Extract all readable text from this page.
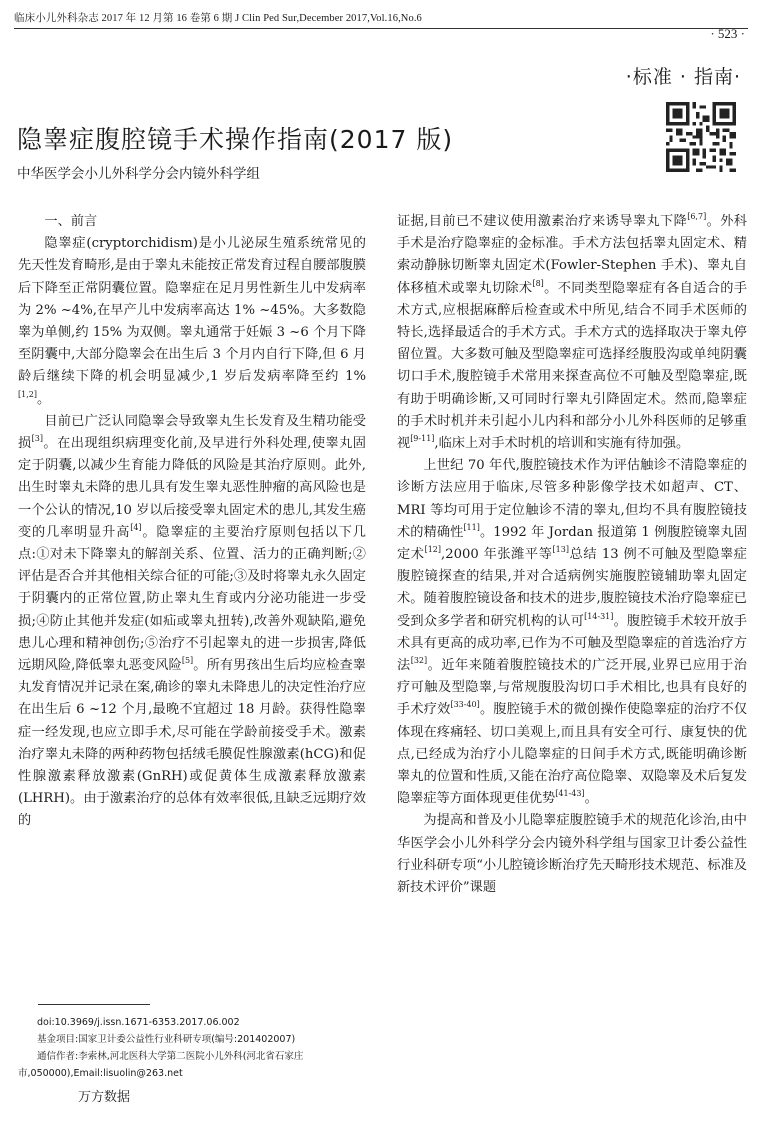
临床小儿外科杂志 2017 年 12 月第 16 卷第 6 期 J Clin Ped Sur,December 2017,Vol.16,No.6
· 523 ·
·标准 · 指南·
隐睾症腹腔镜手术操作指南(2017 版)
中华医学会小儿外科学分会内镜外科学组

一、前言

隐睾症(cryptorchidism)是小儿泌尿生殖系统常见的先天性发育畸形,是由于睾丸未能按正常发育过程自腰部腹膜后下降至正常阴囊位置。隐睾症在足月男性新生儿中发病率为 2% ~4%,在早产儿中发病率高达 1% ~45%。大多数隐睾为单侧,约 15% 为双侧。睾丸通常于妊娠 3 ~6 个月下降至阴囊中,大部分隐睾会在出生后 3 个月内自行下降,但 6 月龄后继续下降的机会明显减少,1 岁后发病率降至约 1%[1,2]。

目前已广泛认同隐睾会导致睾丸生长发育及生精功能受损[3]。在出现组织病理变化前,及早进行外科处理,使睾丸固定于阴囊,以减少生育能力降低的风险是其治疗原则。此外,出生时睾丸未降的患儿具有发生睾丸恶性肿瘤的高风险也是一个公认的情况,10 岁以后接受睾丸固定术的患儿,其发生癌变的几率明显升高[4]。隐睾症的主要治疗原则包括以下几点:①对未下降睾丸的解剖关系、位置、活力的正确判断;②评估是否合并其他相关综合征的可能;③及时将睾丸永久固定于阴囊内的正常位置,防止睾丸生育或内分泌功能进一步受损;④防止其他并发症(如疝或睾丸扭转),改善外观缺陷,避免患儿心理和精神创伤;⑤治疗不引起睾丸的进一步损害,降低远期风险,降低睾丸恶变风险[5]。所有男孩出生后均应检查睾丸发育情况并记录在案,确诊的睾丸未降患儿的决定性治疗应在出生后 6 ~12 个月,最晚不宜超过 18 月龄。获得性隐睾症一经发现,也应立即手术,尽可能在学龄前接受手术。激素治疗睾丸未降的两种药物包括绒毛膜促性腺激素(hCG)和促性腺激素释放激素(GnRH)或促黄体生成激素释放激素(LHRH)。由于激素治疗的总体有效率很低,且缺乏远期疗效的

证据,目前已不建议使用激素治疗来诱导睾丸下降[6,7]。外科手术是治疗隐睾症的金标准。手术方法包括睾丸固定术、精索动静脉切断睾丸固定术(Fowler-Stephen 手术)、睾丸自体移植术或睾丸切除术[8]。不同类型隐睾症有各自适合的手术方式,应根据麻醉后检查或术中所见,结合不同手术医师的特长,选择最适合的手术方式。手术方式的选择取决于睾丸停留位置。大多数可触及型隐睾症可选择经腹股沟或单纯阴囊切口手术,腹腔镜手术常用来探查高位不可触及型隐睾症,既有助于明确诊断,又可同时行睾丸引降固定术。然而,隐睾症的手术时机并未引起小儿内科和部分小儿外科医师的足够重视[9-11],临床上对手术时机的培训和实施有待加强。

上世纪 70 年代,腹腔镜技术作为评估触诊不清隐睾症的诊断方法应用于临床,尽管多种影像学技术如超声、CT、MRI 等均可用于定位触诊不清的睾丸,但均不具有腹腔镜技术的精确性[11]。1992 年 Jordan 报道第 1 例腹腔镜睾丸固定术[12],2000 年张潍平等[13]总结 13 例不可触及型隐睾症腹腔镜探查的结果,并对合适病例实施腹腔镜辅助睾丸固定术。随着腹腔镜设备和技术的进步,腹腔镜技术治疗隐睾症已受到众多学者和研究机构的认可[14-31]。腹腔镜手术较开放手术具有更高的成功率,已作为不可触及型隐睾症的首选治疗方法[32]。近年来随着腹腔镜技术的广泛开展,业界已应用于治疗可触及型隐睾,与常规腹股沟切口手术相比,也具有良好的手术疗效[33-40]。腹腔镜手术的微创操作使隐睾症的治疗不仅体现在疼痛轻、切口美观上,而且具有安全可行、康复快的优点,已经成为治疗小儿隐睾症的日间手术方式,既能明确诊断睾丸的位置和性质,又能在治疗高位隐睾、双隐睾及术后复发隐睾症等方面体现更佳优势[41-43]。

为提高和普及小儿隐睾症腹腔镜手术的规范化诊治,由中华医学会小儿外科学分会内镜外科学组与国家卫计委公益性行业科研专项“小儿腔镜诊断治疗先天畸形技术规范、标准及新技术评价”课题

doi:10.3969/j.issn.1671-6353.2017.06.002
基金项目:国家卫计委公益性行业科研专项(编号:201402007)
通信作者:李索林,河北医科大学第二医院小儿外科(河北省石家庄市,050000),Email:lisuolin@263.net
万方数据
